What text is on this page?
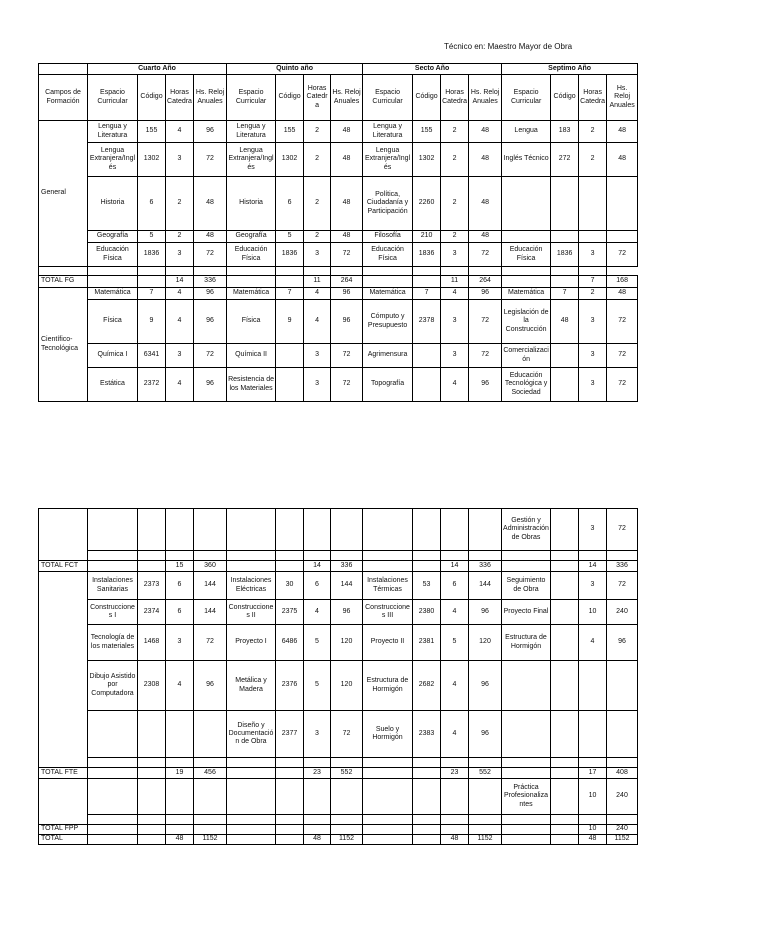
Técnico en: Maestro Mayor de Obra
	Cuarto Año				Quinto año				Secto Año				Septimo Año			
Campos de Formación	Espacio Curricular	Código	Horas Catedra	Hs. Reloj Anuales	Espacio Curricular	Código	Horas Catedra	Hs. Reloj Anuales	Espacio Curricular	Código	Horas Catedra	Hs. Reloj Anuales	Espacio Curricular	Código	Horas Catedra	Hs. Reloj Anuales
General	Lengua y Literatura	155	4	96	Lengua y Literatura	155	2	48	Lengua y Literatura	155	2	48	Lengua	183	2	48
	Lengua Extranjera/Inglés	1302	3	72	Lengua Extranjera/Inglés	1302	2	48	Lengua Extranjera/Inglés	1302	2	48	Inglés Técnico	272	2	48
	Historia	6	2	48	Historia	6	2	48	Política, Ciudadanía y Participación	2260	2	48				
	Geografía	5	2	48	Geografía	5	2	48	Filosofía	210	2	48				
	Educación Física	1836	3	72	Educación Física	1836	3	72	Educación Física	1836	3	72	Educación Física	1836	3	72

TOTAL FG			14	336			11	264			11	264			7	168
Científico-Tecnológica	Matemática	7	4	96	Matemática	7	4	96	Matemática	7	4	96	Matemática	7	2	48
	Física	9	4	96	Física	9	4	96	Cómputo y Presupuesto	2378	3	72	Legislación de la Construcción	48	3	72
	Química I	6341	3	72	Química II		3	72	Agrimensura		3	72	Comercialización		3	72
	Estática	2372	4	96	Resistencia de los Materiales		3	72	Topografía		4	96	Educación Tecnológica y Sociedad		3	72
													Gestión y Administración de Obras		3	72

TOTAL FCT			15	360			14	336			14	336			14	336
	Instalaciones Sanitarias	2373	6	144	Instalaciones Eléctricas	30	6	144	Instalaciones Térmicas	53	6	144	Seguimiento de Obra		3	72
	Construcciones I	2374	6	144	Construcciones II	2375	4	96	Construcciones III	2380	4	96	Proyecto Final		10	240
	Tecnología de los materiales	1468	3	72	Proyecto I	6486	5	120	Proyecto II	2381	5	120	Estructura de Hormigón		4	96
	Dibujo Asistido por Computadora	2308	4	96	Metálica y Madera	2376	5	120	Estructura de Hormigón	2682	4	96				
					Diseño y Documentación de Obra	2377	3	72	Suelo y Hormigón	2383	4	96				

TOTAL FTE			19	456			23	552			23	552			17	408
													Práctica Profesionalizantes		10	240

TOTAL FPP															10	240
TOTAL			48	1152			48	1152			48	1152			48	1152
